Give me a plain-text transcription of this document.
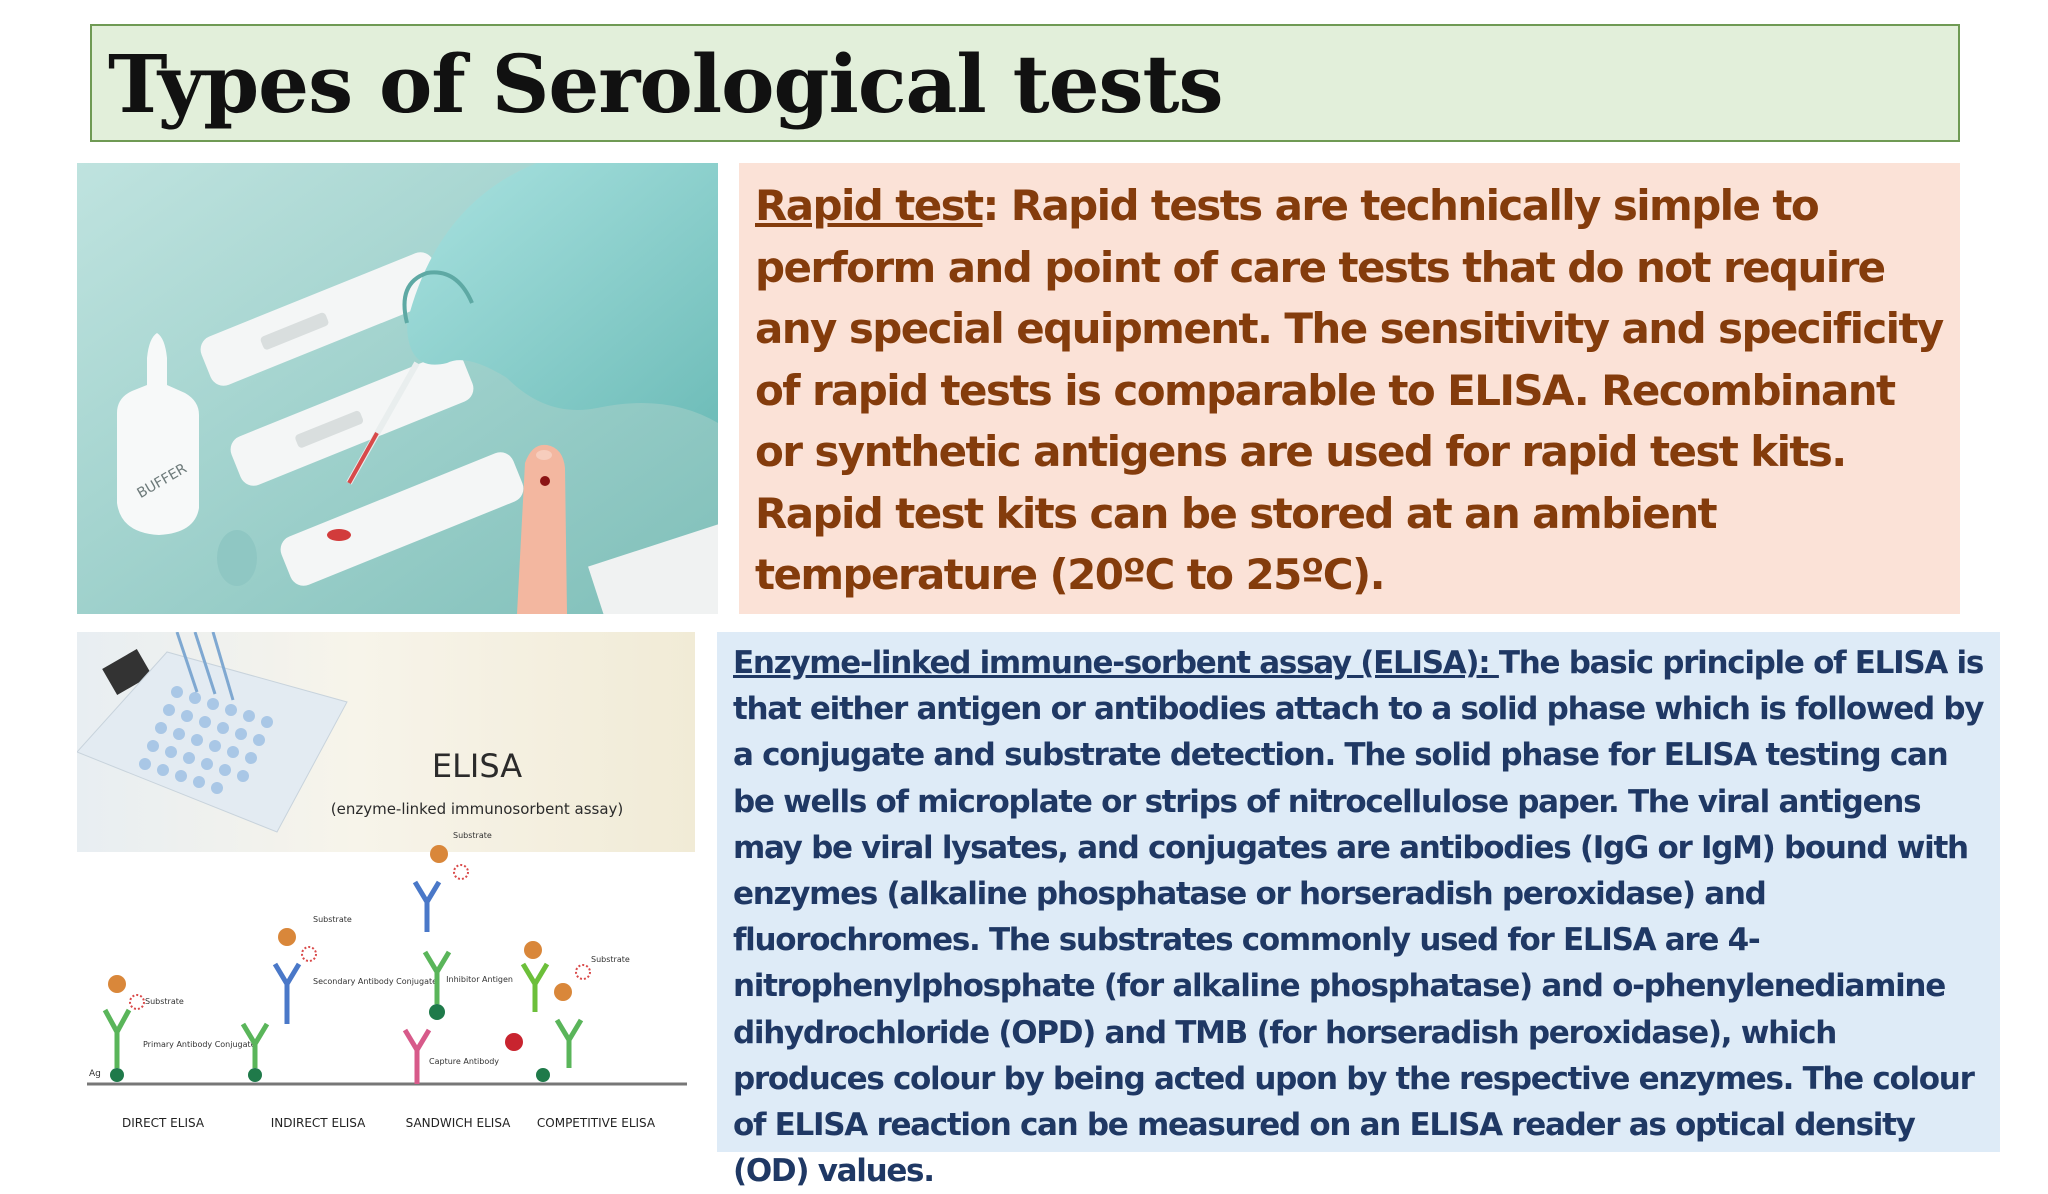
Types of Serological tests
BUFFER
Rapid test: Rapid tests are technically simple to perform and point of care tests that do not require any special equipment. The sensitivity and specificity of rapid tests is comparable to ELISA. Recombinant or synthetic antigens are used for rapid test kits. Rapid test kits can be stored at an ambient temperature (20ºC to 25ºC).
ELISA
(enzyme-linked immunosorbent assay)
Ag
Substrate
Primary Antibody Conjugate
Substrate
Secondary Antibody Conjugate
Substrate
Capture Antibody
Inhibitor Antigen
Substrate
DIRECT ELISA	INDIRECT ELISA	SANDWICH ELISA COMPETITIVE ELISA
Enzyme-linked immune-sorbent assay (ELISA): The basic principle of ELISA is that either antigen or antibodies attach to a solid phase which is followed by a conjugate and substrate detection. The solid phase for ELISA testing can be wells of microplate or strips of nitrocellulose paper. The viral antigens may be viral lysates, and conjugates are antibodies (IgG or IgM) bound with enzymes (alkaline phosphatase or horseradish peroxidase) and fluorochromes. The substrates commonly used for ELISA are 4-nitrophenylphosphate (for alkaline phosphatase) and o-phenylenediamine dihydrochloride (OPD) and TMB (for horseradish peroxidase), which produces colour by being acted upon by the respective enzymes. The colour of ELISA reaction can be measured on an ELISA reader as optical density (OD) values.
